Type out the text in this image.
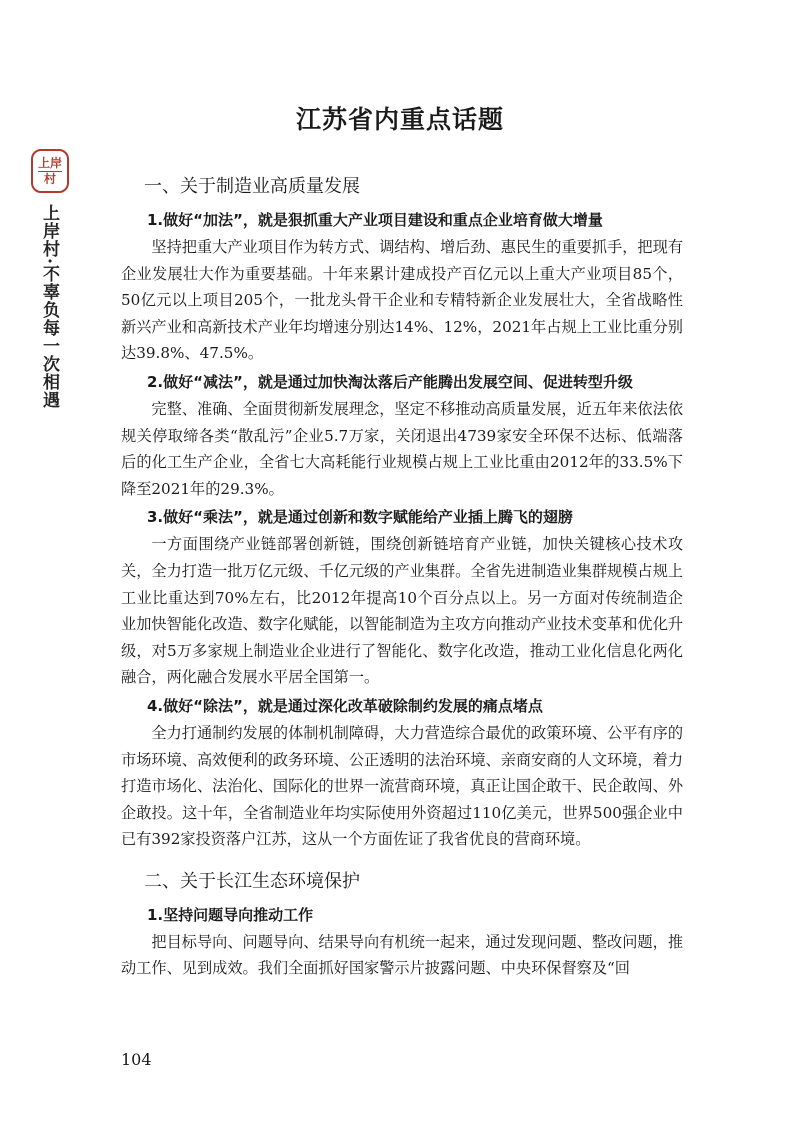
上岸
村
上岸村·不辜负每一次相遇
江苏省内重点话题
一、关于制造业高质量发展
1.做好“加法”，就是狠抓重大产业项目建设和重点企业培育做大增量

坚持把重大产业项目作为转方式、调结构、增后劲、惠民生的重要抓手，把现有企业发展壮大作为重要基础。十年来累计建成投产百亿元以上重大产业项目85个，50亿元以上项目205个，一批龙头骨干企业和专精特新企业发展壮大，全省战略性新兴产业和高新技术产业年均增速分别达14%、12%，2021年占规上工业比重分别达39.8%、47.5%。

2.做好“减法”，就是通过加快淘汰落后产能腾出发展空间、促进转型升级

完整、准确、全面贯彻新发展理念，坚定不移推动高质量发展，近五年来依法依规关停取缔各类“散乱污”企业5.7万家，关闭退出4739家安全环保不达标、低端落后的化工生产企业，全省七大高耗能行业规模占规上工业比重由2012年的33.5%下降至2021年的29.3%。

3.做好“乘法”，就是通过创新和数字赋能给产业插上腾飞的翅膀

一方面围绕产业链部署创新链，围绕创新链培育产业链，加快关键核心技术攻关，全力打造一批万亿元级、千亿元级的产业集群。全省先进制造业集群规模占规上工业比重达到70%左右，比2012年提高10个百分点以上。另一方面对传统制造企业加快智能化改造、数字化赋能，以智能制造为主攻方向推动产业技术变革和优化升级，对5万多家规上制造业企业进行了智能化、数字化改造，推动工业化信息化两化融合，两化融合发展水平居全国第一。

4.做好“除法”，就是通过深化改革破除制约发展的痛点堵点

全力打通制约发展的体制机制障碍，大力营造综合最优的政策环境、公平有序的市场环境、高效便利的政务环境、公正透明的法治环境、亲商安商的人文环境，着力打造市场化、法治化、国际化的世界一流营商环境，真正让国企敢干、民企敢闯、外企敢投。这十年，全省制造业年均实际使用外资超过110亿美元，世界500强企业中已有392家投资落户江苏，这从一个方面佐证了我省优良的营商环境。

二、关于长江生态环境保护
1.坚持问题导向推动工作

把目标导向、问题导向、结果导向有机统一起来，通过发现问题、整改问题，推动工作、见到成效。我们全面抓好国家警示片披露问题、中央环保督察及“回

104
